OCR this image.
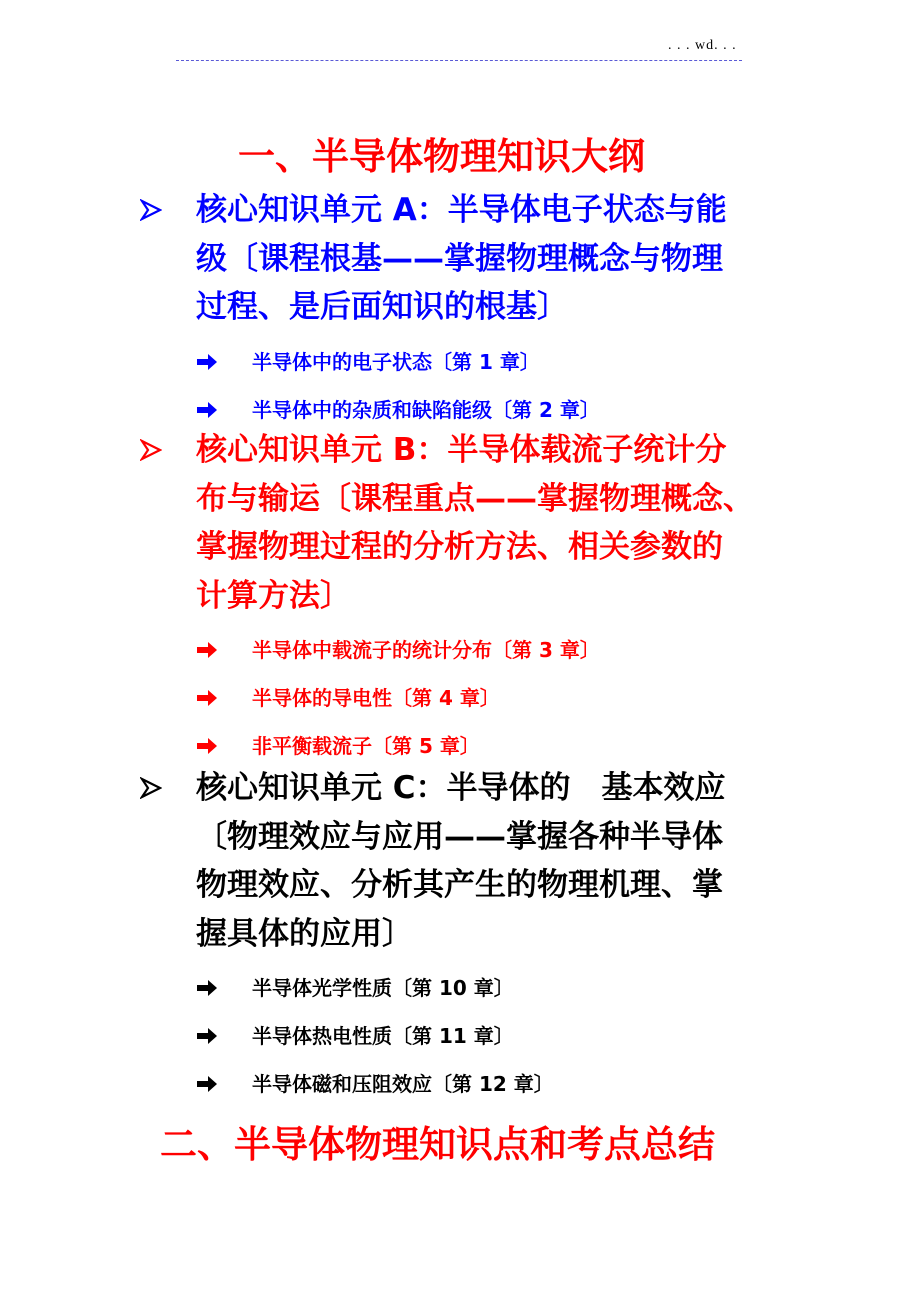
. . . wd. . .
一、半导体物理知识大纲
核心知识单元 A：半导体电子状态与能
级〔课程根基——掌握物理概念与物理
过程、是后面知识的根基〕
半导体中的电子状态〔第 1 章〕
半导体中的杂质和缺陷能级〔第 2 章〕
核心知识单元 B：半导体载流子统计分
布与输运〔课程重点——掌握物理概念、
掌握物理过程的分析方法、相关参数的
计算方法〕
半导体中载流子的统计分布〔第 3 章〕
半导体的导电性〔第 4 章〕
非平衡载流子〔第 5 章〕
核心知识单元 C：半导体的　基本效应
〔物理效应与应用——掌握各种半导体
物理效应、分析其产生的物理机理、掌
握具体的应用〕
半导体光学性质〔第 10 章〕
半导体热电性质〔第 11 章〕
半导体磁和压阻效应〔第 12 章〕
二、半导体物理知识点和考点总结
